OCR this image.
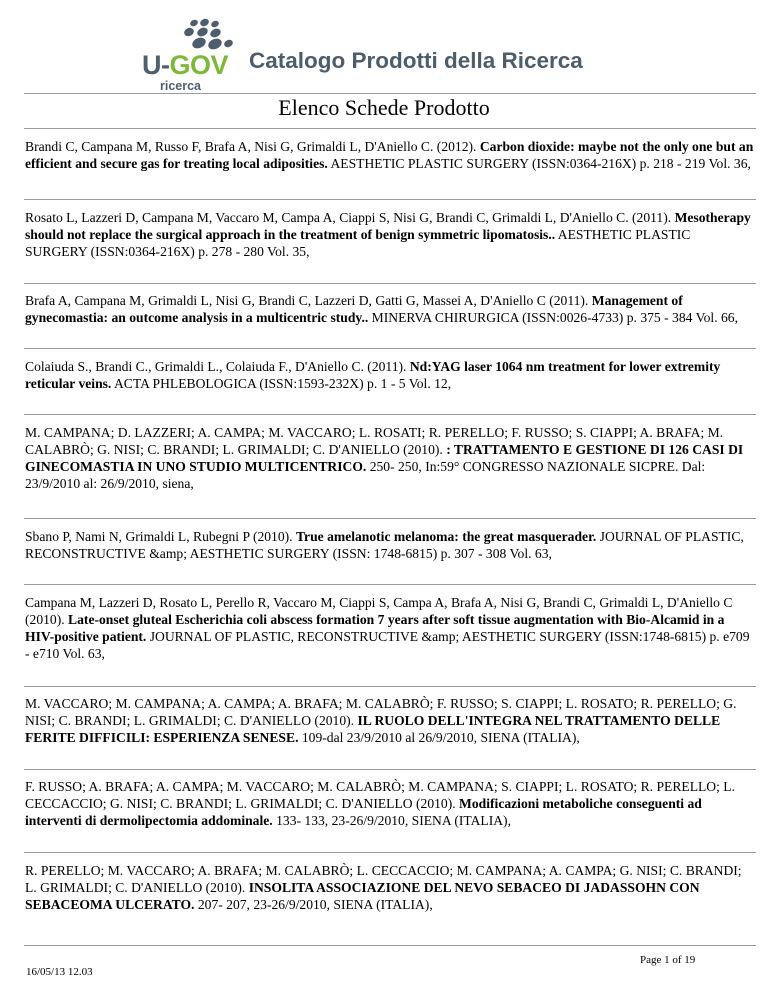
U-GOV
ricerca
Catalogo Prodotti della Ricerca
Elenco Schede Prodotto
Brandi C, Campana M, Russo F, Brafa A, Nisi G, Grimaldi L, D'Aniello C. (2012). Carbon dioxide: maybe not the only one but an efficient and secure gas for treating local adiposities. AESTHETIC PLASTIC SURGERY (ISSN:0364-216X) p. 218 - 219 Vol. 36,
Rosato L, Lazzeri D, Campana M, Vaccaro M, Campa A, Ciappi S, Nisi G, Brandi C, Grimaldi L, D'Aniello C. (2011). Mesotherapy should not replace the surgical approach in the treatment of benign symmetric lipomatosis.. AESTHETIC PLASTIC SURGERY (ISSN:0364-216X) p. 278 - 280 Vol. 35,
Brafa A, Campana M, Grimaldi L, Nisi G, Brandi C, Lazzeri D, Gatti G, Massei A, D'Aniello C (2011). Management of gynecomastia: an outcome analysis in a multicentric study.. MINERVA CHIRURGICA (ISSN:0026-4733) p. 375 - 384 Vol. 66,
Colaiuda S., Brandi C., Grimaldi L., Colaiuda F., D'Aniello C. (2011). Nd:YAG laser 1064 nm treatment for lower extremity reticular veins. ACTA PHLEBOLOGICA (ISSN:1593-232X) p. 1 - 5 Vol. 12,
M. CAMPANA; D. LAZZERI; A. CAMPA; M. VACCARO; L. ROSATI; R. PERELLO; F. RUSSO; S. CIAPPI; A. BRAFA; M. CALABRÒ; G. NISI; C. BRANDI; L. GRIMALDI; C. D'ANIELLO (2010). : TRATTAMENTO E GESTIONE DI 126 CASI DI GINECOMASTIA IN UNO STUDIO MULTICENTRICO. 250- 250, In:59° CONGRESSO NAZIONALE SICPRE. Dal: 23/9/2010 al: 26/9/2010, siena,
Sbano P, Nami N, Grimaldi L, Rubegni P (2010). True amelanotic melanoma: the great masquerader. JOURNAL OF PLASTIC, RECONSTRUCTIVE &amp; AESTHETIC SURGERY (ISSN: 1748-6815) p. 307 - 308 Vol. 63,
Campana M, Lazzeri D, Rosato L, Perello R, Vaccaro M, Ciappi S, Campa A, Brafa A, Nisi G, Brandi C, Grimaldi L, D'Aniello C (2010). Late-onset gluteal Escherichia coli abscess formation 7 years after soft tissue augmentation with Bio-Alcamid in a HIV-positive patient. JOURNAL OF PLASTIC, RECONSTRUCTIVE &amp; AESTHETIC SURGERY (ISSN:1748-6815) p. e709 - e710 Vol. 63,
M. VACCARO; M. CAMPANA; A. CAMPA; A. BRAFA; M. CALABRÒ; F. RUSSO; S. CIAPPI; L. ROSATO; R. PERELLO; G. NISI; C. BRANDI; L. GRIMALDI; C. D'ANIELLO (2010). IL RUOLO DELL'INTEGRA NEL TRATTAMENTO DELLE FERITE DIFFICILI: ESPERIENZA SENESE. 109-dal 23/9/2010 al 26/9/2010, SIENA (ITALIA),
F. RUSSO; A. BRAFA; A. CAMPA; M. VACCARO; M. CALABRÒ; M. CAMPANA; S. CIAPPI; L. ROSATO; R. PERELLO; L. CECCACCIO; G. NISI; C. BRANDI; L. GRIMALDI; C. D'ANIELLO (2010). Modificazioni metaboliche conseguenti ad interventi di dermolipectomia addominale. 133- 133, 23-26/9/2010, SIENA (ITALIA),
R. PERELLO; M. VACCARO; A. BRAFA; M. CALABRÒ; L. CECCACCIO; M. CAMPANA; A. CAMPA; G. NISI; C. BRANDI; L. GRIMALDI; C. D'ANIELLO (2010). INSOLITA ASSOCIAZIONE DEL NEVO SEBACEO DI JADASSOHN CON SEBACEOMA ULCERATO. 207- 207, 23-26/9/2010, SIENA (ITALIA),
16/05/13 12.03
Page 1 of 19
